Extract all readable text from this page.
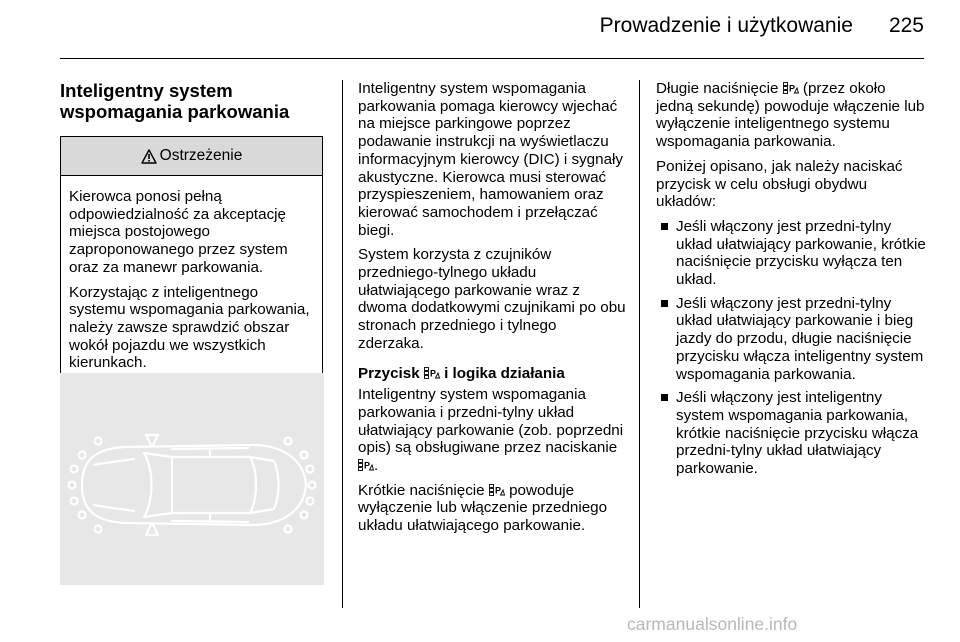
Prowadzenie i użytkowanie 225
Inteligentny system wspomagania parkowania
Ostrzeżenie

Kierowca ponosi pełną odpowiedzialność za akceptację miejsca postojowego zaproponowanego przez system oraz za manewr parkowania.

Korzystając z inteligentnego systemu wspomagania parkowania, należy zawsze sprawdzić obszar wokół pojazdu we wszystkich kierunkach.

Inteligentny system wspomagania parkowania pomaga kierowcy wjechać na miejsce parkingowe poprzez podawanie instrukcji na wyświetlaczu informacyjnym kierowcy (DIC) i sygnały akustyczne. Kierowca musi sterować przyspieszeniem, hamowaniem oraz kierować samochodem i przełączać biegi.

System korzysta z czujników przedniego-tylnego układu ułatwiającego parkowanie wraz z dwoma dodatkowymi czujnikami po obu stronach przedniego i tylnego zderzaka.

Przycisk i logika działania

Inteligentny system wspomagania parkowania i przedni-tylny układ ułatwiający parkowanie (zob. poprzedni opis) są obsługiwane przez naciskanie .

Krótkie naciśnięcie powoduje wyłączenie lub włączenie przedniego układu ułatwiającego parkowanie.

Długie naciśnięcie (przez około jedną sekundę) powoduje włączenie lub wyłączenie inteligentnego systemu wspomagania parkowania.

Poniżej opisano, jak należy naciskać przycisk w celu obsługi obydwu układów:

Jeśli włączony jest przedni-tylny układ ułatwiający parkowanie, krótkie naciśnięcie przycisku wyłącza ten układ.
Jeśli włączony jest przedni-tylny układ ułatwiający parkowanie i bieg jazdy do przodu, długie naciśnięcie przycisku włącza inteligentny system wspomagania parkowania.
Jeśli włączony jest inteligentny system wspomagania parkowania, krótkie naciśnięcie przycisku włącza przedni-tylny układ ułatwiający parkowanie.
carmanualsonline.info
